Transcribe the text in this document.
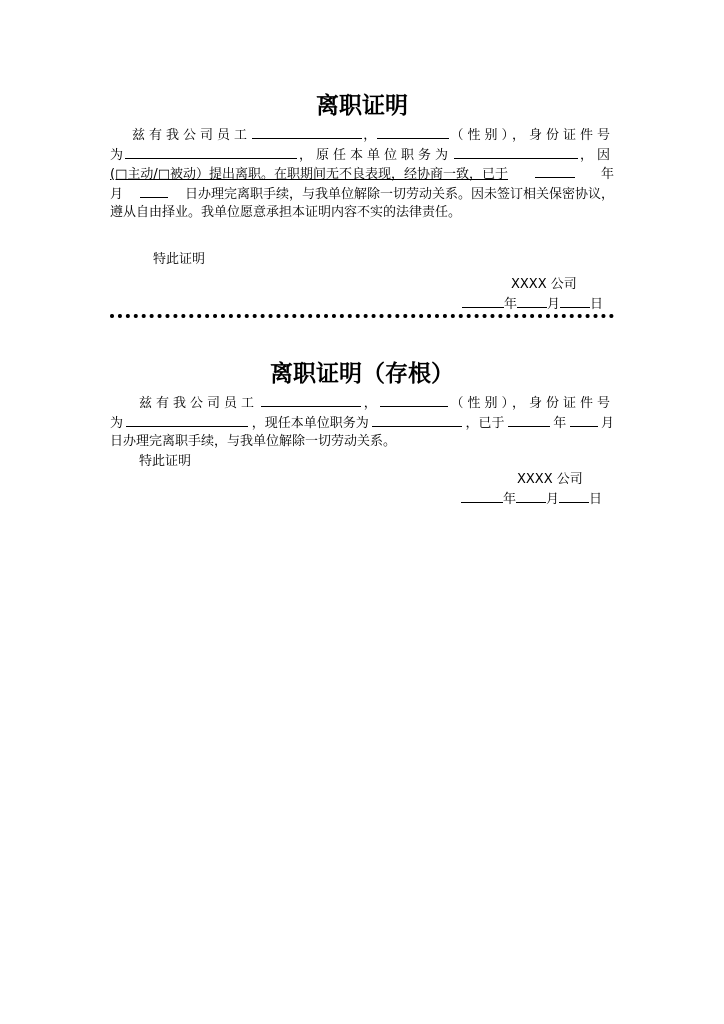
离职证明
兹有我公司员工	，	（性别），身份证件号
为	，原任本单位职务为	，因
(□主动/□被动）提出离职。在职期间无不良表现，经协商一致，已于	年
月	日办理完离职手续，与我单位解除一切劳动关系。因未签订相关保密协议，
遵从自由择业。我单位愿意承担本证明内容不实的法律责任。
特此证明
XXXX 公司
年 月 日
离职证明（存根）
兹有我公司员工	，	（性别），身份证件号
为	，现任本单位职务为	，已于	年	月
日办理完离职手续，与我单位解除一切劳动关系。
特此证明
XXXX 公司
年 月 日
